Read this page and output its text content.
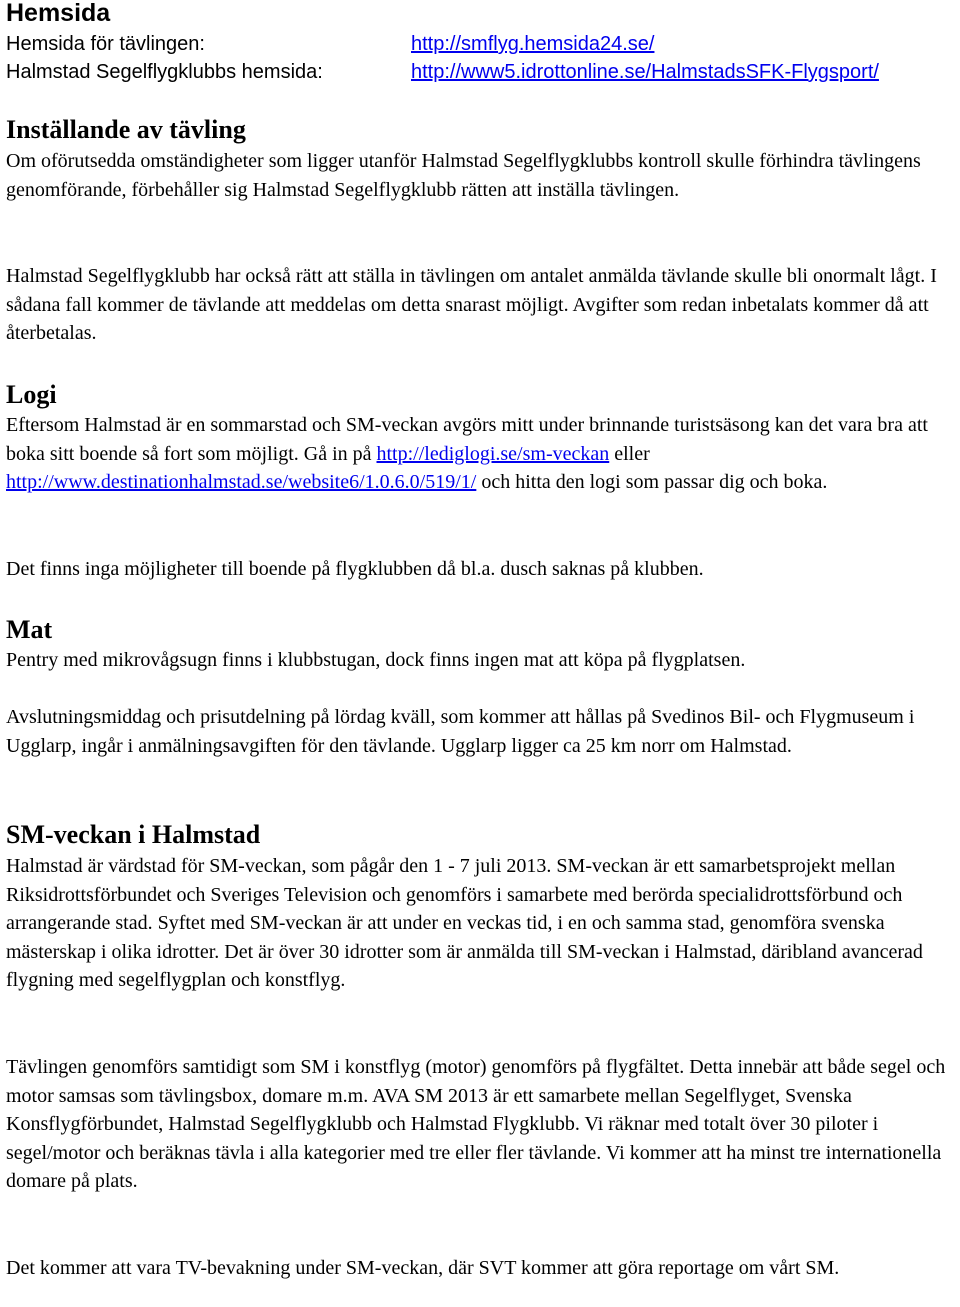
Hemsida
Hemsida för tävlingen:	http://smflyg.hemsida24.se/
Halmstad Segelflygklubbs hemsida:	http://www5.idrottonline.se/HalmstadsSFK-Flygsport/
Inställande av tävling

Om oförutsedda omständigheter som ligger utanför Halmstad Segelflygklubbs kontroll skulle förhindra tävlingens genomförande, förbehåller sig Halmstad Segelflygklubb rätten att inställa tävlingen.

Halmstad Segelflygklubb har också rätt att ställa in tävlingen om antalet anmälda tävlande skulle bli onormalt lågt. I sådana fall kommer de tävlande att meddelas om detta snarast möjligt. Avgifter som redan inbetalats kommer då att återbetalas.

Logi

Eftersom Halmstad är en sommarstad och SM-veckan avgörs mitt under brinnande turistsäsong kan det vara bra att boka sitt boende så fort som möjligt. Gå in på http://lediglogi.se/sm-veckan eller http://www.destinationhalmstad.se/website6/1.0.6.0/519/1/ och hitta den logi som passar dig och boka.

Det finns inga möjligheter till boende på flygklubben då bl.a. dusch saknas på klubben.

Mat

Pentry med mikrovågsugn finns i klubbstugan, dock finns ingen mat att köpa på flygplatsen.

Avslutningsmiddag och prisutdelning på lördag kväll, som kommer att hållas på Svedinos Bil- och Flygmuseum i Ugglarp, ingår i anmälningsavgiften för den tävlande. Ugglarp ligger ca 25 km norr om Halmstad.

SM-veckan i Halmstad

Halmstad är värdstad för SM-veckan, som pågår den 1 - 7 juli 2013. SM-veckan är ett samarbetsprojekt mellan Riksidrottsförbundet och Sveriges Television och genomförs i samarbete med berörda specialidrottsförbund och arrangerande stad. Syftet med SM-veckan är att under en veckas tid, i en och samma stad, genomföra svenska mästerskap i olika idrotter. Det är över 30 idrotter som är anmälda till SM-veckan i Halmstad, däribland avancerad flygning med segelflygplan och konstflyg.

Tävlingen genomförs samtidigt som SM i konstflyg (motor) genomförs på flygfältet. Detta innebär att både segel och motor samsas som tävlingsbox, domare m.m. AVA SM 2013 är ett samarbete mellan Segelflyget, Svenska Konsflygförbundet, Halmstad Segelflygklubb och Halmstad Flygklubb. Vi räknar med totalt över 30 piloter i segel/motor och beräknas tävla i alla kategorier med tre eller fler tävlande. Vi kommer att ha minst tre internationella domare på plats.

Det kommer att vara TV-bevakning under SM-veckan, där SVT kommer att göra reportage om vårt SM.
